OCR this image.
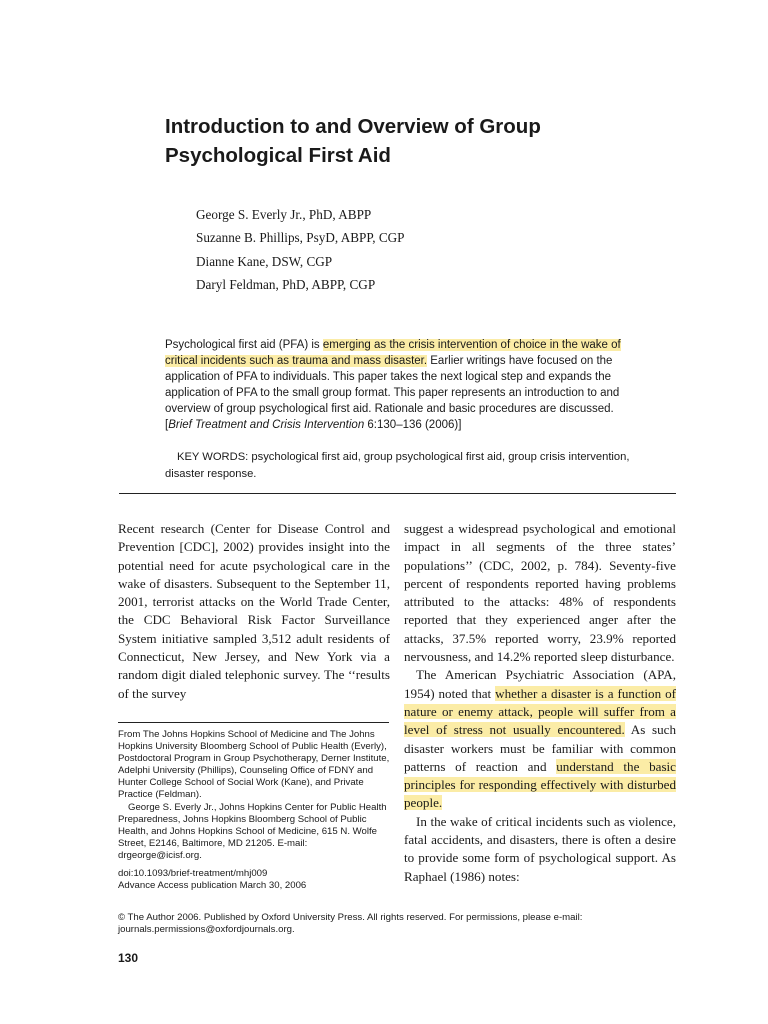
Introduction to and Overview of Group
Psychological First Aid
George S. Everly Jr., PhD, ABPP
Suzanne B. Phillips, PsyD, ABPP, CGP
Dianne Kane, DSW, CGP
Daryl Feldman, PhD, ABPP, CGP
Psychological first aid (PFA) is emerging as the crisis intervention of choice in the wake of critical incidents such as trauma and mass disaster. Earlier writings have focused on the application of PFA to individuals. This paper takes the next logical step and expands the application of PFA to the small group format. This paper represents an introduction to and overview of group psychological first aid. Rationale and basic procedures are discussed. [Brief Treatment and Crisis Intervention 6:130–136 (2006)]
KEY WORDS: psychological first aid, group psychological first aid, group crisis intervention, disaster response.

Recent research (Center for Disease Control and Prevention [CDC], 2002) provides insight into the potential need for acute psychological care in the wake of disasters. Subsequent to the September 11, 2001, terrorist attacks on the World Trade Center, the CDC Behavioral Risk Factor Surveillance System initiative sampled 3,512 adult residents of Connecticut, New Jersey, and New York via a random digit dialed telephonic survey. The ‘‘results of the survey

From The Johns Hopkins School of Medicine and The Johns Hopkins University Bloomberg School of Public Health (Everly), Postdoctoral Program in Group Psychotherapy, Derner Institute, Adelphi University (Phillips), Counseling Office of FDNY and Hunter College School of Social Work (Kane), and Private Practice (Feldman).

George S. Everly Jr., Johns Hopkins Center for Public Health Preparedness, Johns Hopkins Bloomberg School of Public Health, and Johns Hopkins School of Medicine, 615 N. Wolfe Street, E2146, Baltimore, MD 21205. E-mail: drgeorge@icisf.org.

doi:10.1093/brief-treatment/mhj009

Advance Access publication March 30, 2006

suggest a widespread psychological and emotional impact in all segments of the three states’ populations’’ (CDC, 2002, p. 784). Seventy-five percent of respondents reported having problems attributed to the attacks: 48% of respondents reported that they experienced anger after the attacks, 37.5% reported worry, 23.9% reported nervousness, and 14.2% reported sleep disturbance.

The American Psychiatric Association (APA, 1954) noted that whether a disaster is a function of nature or enemy attack, people will suffer from a level of stress not usually encountered. As such disaster workers must be familiar with common patterns of reaction and understand the basic principles for responding effectively with disturbed people.

In the wake of critical incidents such as violence, fatal accidents, and disasters, there is often a desire to provide some form of psychological support. As Raphael (1986) notes:

© The Author 2006. Published by Oxford University Press. All rights reserved. For permissions, please e-mail: journals.permissions@oxfordjournals.org.
130
